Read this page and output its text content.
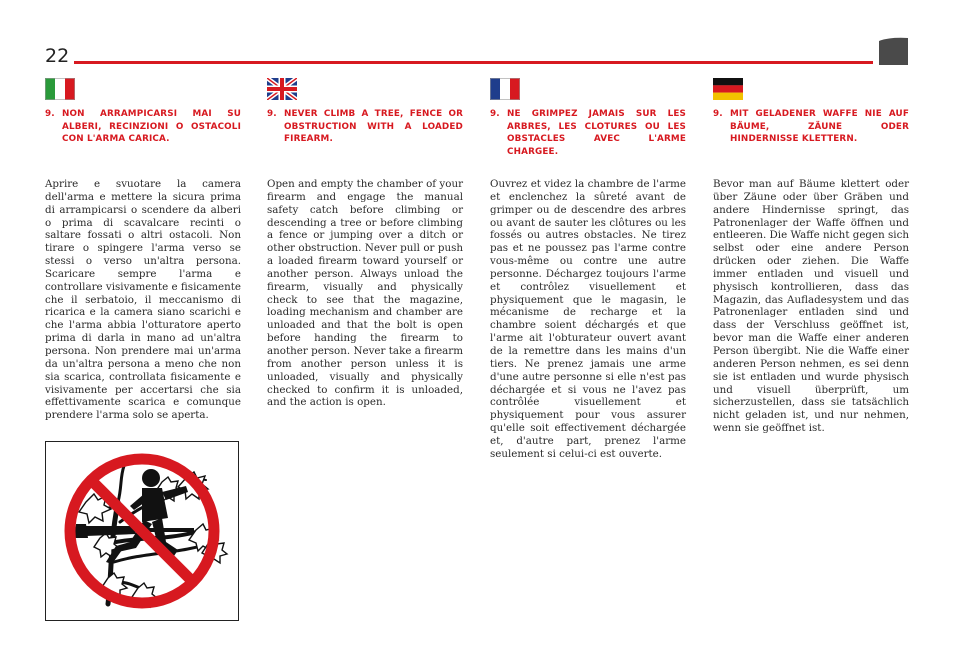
22
9. NON ARRAMPICARSI MAI SU ALBERI, RECINZIONI O OSTACOLI CON L'ARMA CARICA.
Aprire e svuotare la camera dell'arma e mettere la sicura prima di arrampicarsi o scendere da alberi o prima di scavalcare recinti o saltare fossati o altri ostacoli. Non tirare o spingere l'arma verso se stessi o verso un'altra persona. Scaricare sempre l'arma e controllare visivamente e fisicamente che il serbatoio, il meccanismo di ricarica e la camera siano scarichi e che l'arma abbia l'otturatore aperto prima di darla in mano ad un'altra persona. Non prendere mai un'arma da un'altra persona a meno che non sia scarica, controllata fisicamente e visivamente per accertarsi che sia effettivamente scarica e comunque prendere l'arma solo se aperta.
9. NEVER CLIMB A TREE, FENCE OR OBSTRUCTION WITH A LOADED FIREARM.
Open and empty the chamber of your firearm and engage the manual safety catch before climbing or descending a tree or before climbing a fence or jumping over a ditch or other obstruction. Never pull or push a loaded firearm toward yourself or another person. Always unload the firearm, visually and physically check to see that the magazine, loading mechanism and chamber are unloaded and that the bolt is open before handing the firearm to another person. Never take a firearm from another person unless it is unloaded, visually and physically checked to confirm it is unloaded, and the action is open.
9. NE GRIMPEZ JAMAIS SUR LES ARBRES, LES CLOTURES OU LES OBSTACLES AVEC L'ARME CHARGEE.
Ouvrez et videz la chambre de l'arme et enclenchez la sûreté avant de grimper ou de descendre des arbres ou avant de sauter les clôtures ou les fossés ou autres obstacles. Ne tirez pas et ne poussez pas l'arme contre vous-même ou contre une autre personne. Déchargez toujours l'arme et contrôlez visuellement et physiquement que le magasin, le mécanisme de recharge et la chambre soient déchargés et que l'arme ait l'obturateur ouvert avant de la remettre dans les mains d'un tiers. Ne prenez jamais une arme d'une autre personne si elle n'est pas déchargée et si vous ne l'avez pas contrôlée visuellement et physiquement pour vous assurer qu'elle soit effectivement déchargée et, d'autre part, prenez l'arme seulement si celui-ci est ouverte.
9. MIT GELADENER WAFFE NIE AUF BÄUME, ZÄUNE ODER HINDERNISSE KLETTERN.
Bevor man auf Bäume klettert oder über Zäune oder über Gräben und andere Hindernisse springt, das Patronenlager der Waffe öffnen und entleeren. Die Waffe nicht gegen sich selbst oder eine andere Person drücken oder ziehen. Die Waffe immer entladen und visuell und physisch kontrollieren, dass das Magazin, das Aufladesystem und das Patronenlager entladen sind und dass der Verschluss geöffnet ist, bevor man die Waffe einer anderen Person übergibt. Nie die Waffe einer anderen Person nehmen, es sei denn sie ist entladen und wurde physisch und visuell überprüft, um sicherzustellen, dass sie tatsächlich nicht geladen ist, und nur nehmen, wenn sie geöffnet ist.
